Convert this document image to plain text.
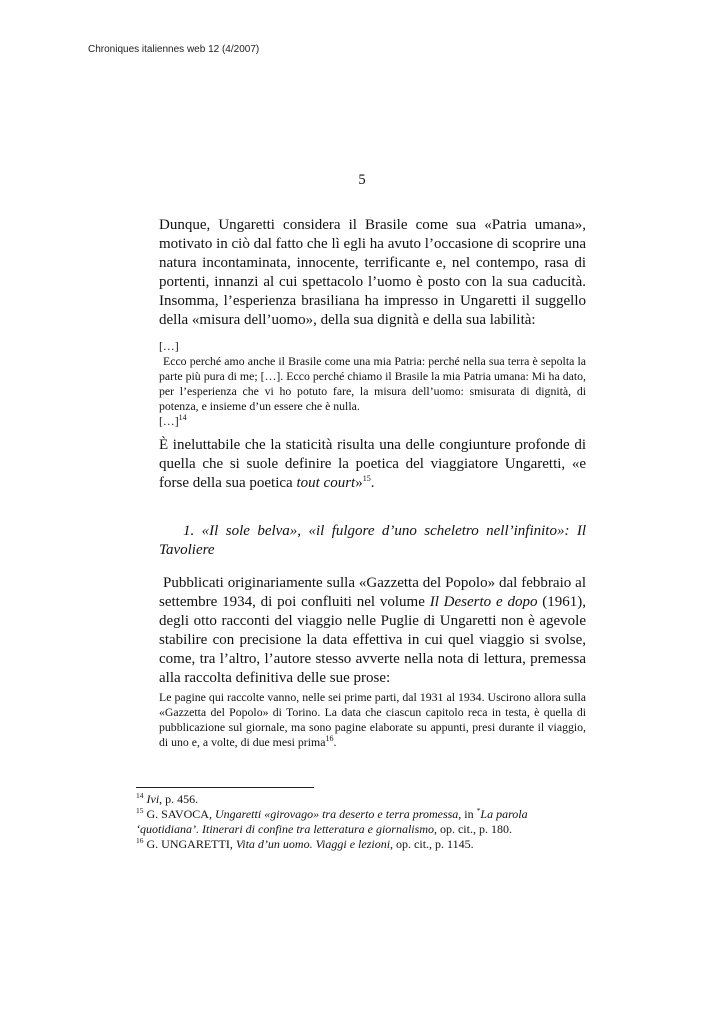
Chroniques italiennes web 12 (4/2007)
5

Dunque, Ungaretti considera il Brasile come sua «Patria umana», motivato in ciò dal fatto che lì egli ha avuto l’occasione di scoprire una natura incontaminata, innocente, terrificante e, nel contempo, rasa di portenti, innanzi al cui spettacolo l’uomo è posto con la sua caducità. Insomma, l’esperienza brasiliana ha impresso in Ungaretti il suggello della «misura dell’uomo», della sua dignità e della sua labilità:

[…]

Ecco perché amo anche il Brasile come una mia Patria: perché nella sua terra è sepolta la parte più pura di me; […]. Ecco perché chiamo il Brasile la mia Patria umana: Mi ha dato, per l’esperienza che vi ho potuto fare, la misura dell’uomo: smisurata di dignità, di potenza, e insieme d’un essere che è nulla.

[…]$^{14}$

È ineluttabile che la staticità risulta una delle congiunture profonde di quella che si suole definire la poetica del viaggiatore Ungaretti, «e forse della sua poetica tout court»$^{15}$.

1. «Il sole belva», «il fulgore d’uno scheletro nell’infinito»: Il Tavoliere

Pubblicati originariamente sulla «Gazzetta del Popolo» dal febbraio al settembre 1934, di poi confluiti nel volume Il Deserto e dopo (1961), degli otto racconti del viaggio nelle Puglie di Ungaretti non è agevole stabilire con precisione la data effettiva in cui quel viaggio si svolse, come, tra l’altro, l’autore stesso avverte nella nota di lettura, premessa alla raccolta definitiva delle sue prose:

Le pagine qui raccolte vanno, nelle sei prime parti, dal 1931 al 1934. Uscirono allora sulla «Gazzetta del Popolo» di Torino. La data che ciascun capitolo reca in testa, è quella di pubblicazione sul giornale, ma sono pagine elaborate su appunti, presi durante il viaggio, di uno e, a volte, di due mesi prima$^{16}$.

$^{14}$ Ivi, p. 456.

$^{15}$ G. SAVOCA, Ungaretti «girovago» tra deserto e terra promessa, in *La parola

‘quotidiana’. Itinerari di confine tra letteratura e giornalismo, op. cit., p. 180.

$^{16}$ G. UNGARETTI, Vita d’un uomo. Viaggi e lezioni, op. cit., p. 1145.
